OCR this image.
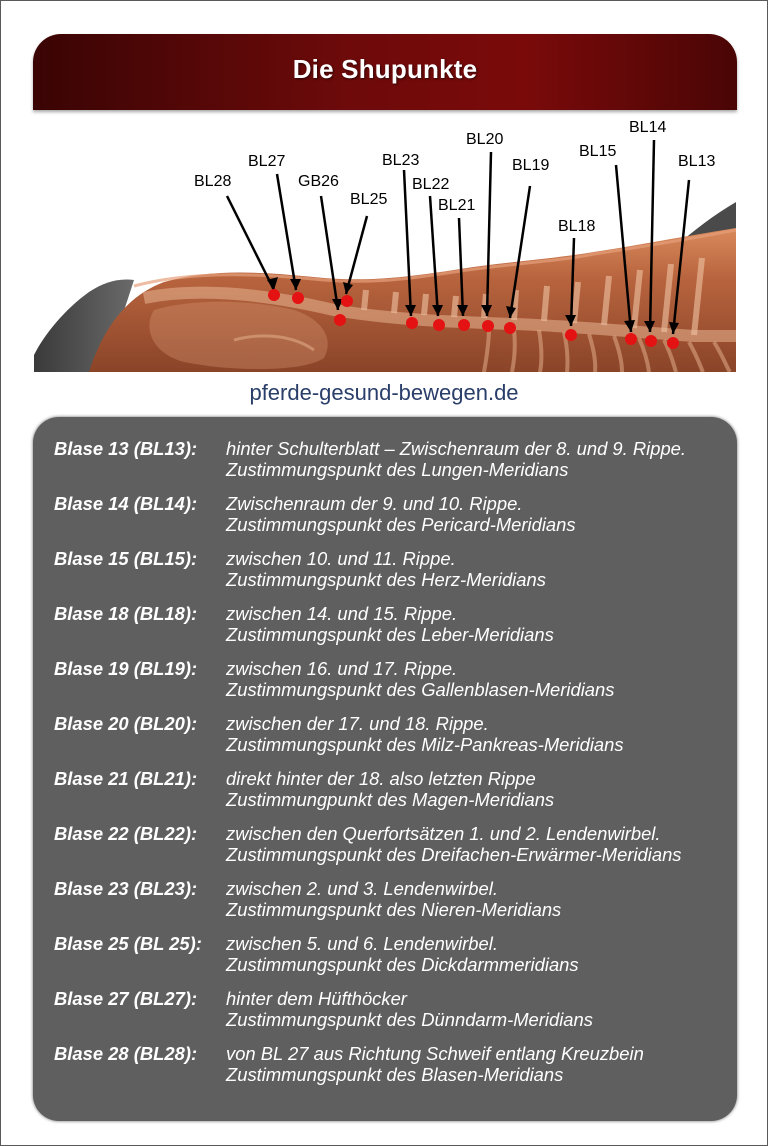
Die Shupunkte
BL28
BL27
GB26
BL25
BL23
BL22
BL21
BL20
BL19
BL18
BL15
BL14
BL13
pferde-gesund-bewegen.de
Blase 13 (BL13):	hinter Schulterblatt – Zwischenraum der 8. und 9. Rippe.
Zustimmungspunkt des Lungen-Meridians
Blase 14 (BL14):	Zwischenraum der 9. und 10. Rippe.
Zustimmungspunkt des Pericard-Meridians
Blase 15 (BL15):	zwischen 10. und 11. Rippe.
Zustimmungspunkt des Herz-Meridians
Blase 18 (BL18):	zwischen 14. und 15. Rippe.
Zustimmungspunkt des Leber-Meridians
Blase 19 (BL19):	zwischen 16. und 17. Rippe.
Zustimmungspunkt des Gallenblasen-Meridians
Blase 20 (BL20):	zwischen der 17. und 18. Rippe.
Zustimmungspunkt des Milz-Pankreas-Meridians
Blase 21 (BL21):	direkt hinter der 18. also letzten Rippe
Zustimmungpunkt des Magen-Meridians
Blase 22 (BL22):	zwischen den Querfortsätzen 1. und 2. Lendenwirbel.
Zustimmungspunkt des Dreifachen-Erwärmer-Meridians
Blase 23 (BL23):	zwischen 2. und 3. Lendenwirbel.
Zustimmungspunkt des Nieren-Meridians
Blase 25 (BL 25):	zwischen 5. und 6. Lendenwirbel.
Zustimmungspunkt des Dickdarmmeridians
Blase 27 (BL27):	hinter dem Hüfthöcker
Zustimmungspunkt des Dünndarm-Meridians
Blase 28 (BL28):	von BL 27 aus Richtung Schweif entlang Kreuzbein
Zustimmungspunkt des Blasen-Meridians
